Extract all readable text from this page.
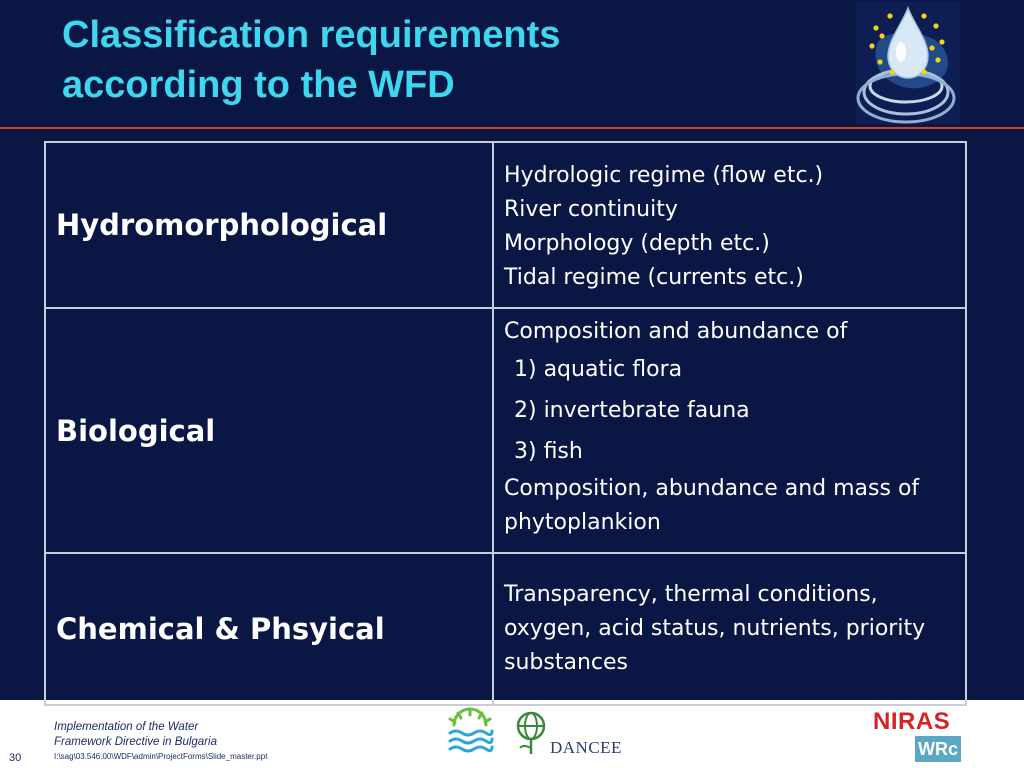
Classification requirements
according to the WFD
Hydromorphological	Hydrologic regime (flow etc.)

River continuity

Morphology (depth etc.)

Tidal regime (currents etc.)

Biological	Composition and abundance of

1) aquatic flora

2) invertebrate fauna

3) fish

Composition, abundance and mass of phytoplankion

Chemical & Phsyical	Transparency, thermal conditions, oxygen, acid status, nutrients, priority substances

30
Implementation of the Water
Framework Directive in Bulgaria
I:\sag\03.546.00\WDF\admin\ProjectForms\Slide_master.ppt	DANCEE
NIRAS
WRc
